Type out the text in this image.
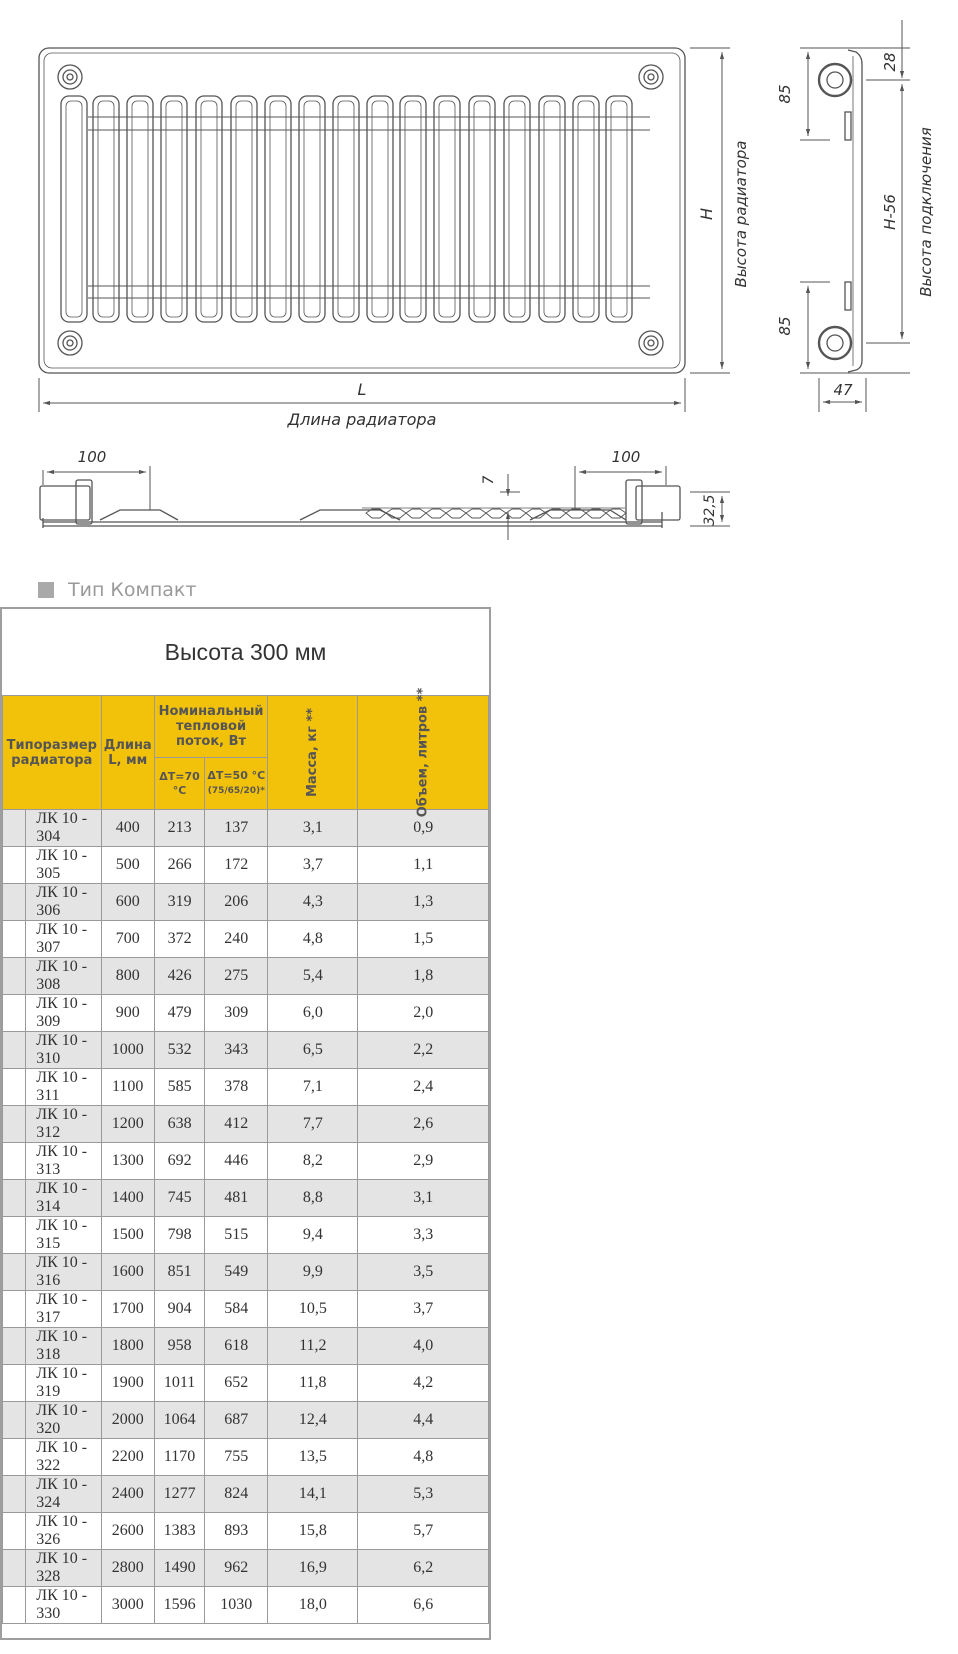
H Высота радиатора
L
Длина радиатора
85
85
28
H-56 Высота подключения
47
100	100
7
32,5
Тип Компакт
Высота 300 мм
Типоразмер радиатора		Длина L, мм	Номинальный тепловой поток, Вт		Масса, кг **	Объем, литров **
			ΔT=70 °C	ΔT=50 °C
(75/65/20)*		
	ЛК 10 - 304	400	213	137	3,1	0,9
	ЛК 10 - 305	500	266	172	3,7	1,1
	ЛК 10 - 306	600	319	206	4,3	1,3
	ЛК 10 - 307	700	372	240	4,8	1,5
	ЛК 10 - 308	800	426	275	5,4	1,8
	ЛК 10 - 309	900	479	309	6,0	2,0
	ЛК 10 - 310	1000	532	343	6,5	2,2
	ЛК 10 - 311	1100	585	378	7,1	2,4
	ЛК 10 - 312	1200	638	412	7,7	2,6
	ЛК 10 - 313	1300	692	446	8,2	2,9
	ЛК 10 - 314	1400	745	481	8,8	3,1
	ЛК 10 - 315	1500	798	515	9,4	3,3
	ЛК 10 - 316	1600	851	549	9,9	3,5
	ЛК 10 - 317	1700	904	584	10,5	3,7
	ЛК 10 - 318	1800	958	618	11,2	4,0
	ЛК 10 - 319	1900	1011	652	11,8	4,2
	ЛК 10 - 320	2000	1064	687	12,4	4,4
	ЛК 10 - 322	2200	1170	755	13,5	4,8
	ЛК 10 - 324	2400	1277	824	14,1	5,3
	ЛК 10 - 326	2600	1383	893	15,8	5,7
	ЛК 10 - 328	2800	1490	962	16,9	6,2
	ЛК 10 - 330	3000	1596	1030	18,0	6,6
